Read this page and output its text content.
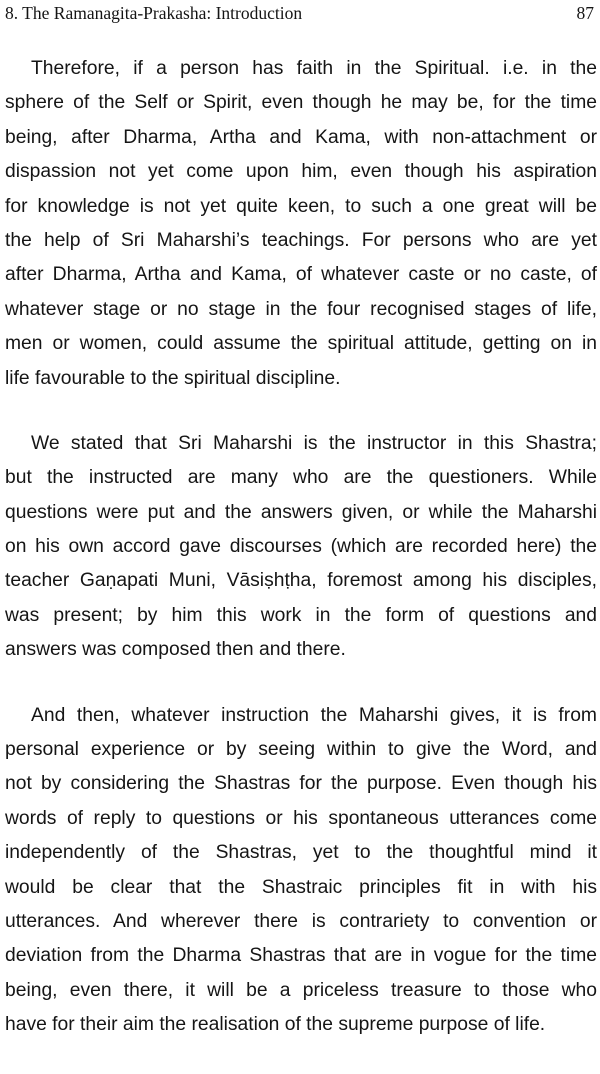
8. The Ramanagita-Prakasha: Introduction	87

Therefore, if a person has faith in the Spiritual. i.e. in the
sphere of the Self or Spirit, even though he may be, for the time
being, after Dharma, Artha and Kama, with non-attachment or
dispassion not yet come upon him, even though his aspiration
for knowledge is not yet quite keen, to such a one great will be
the help of Sri Maharshi’s teachings. For persons who are yet
after Dharma, Artha and Kama, of whatever caste or no caste, of
whatever stage or no stage in the four recognised stages of life,
men or women, could assume the spiritual attitude, getting on in
life favourable to the spiritual discipline.

We stated that Sri Maharshi is the instructor in this Shastra;
but the instructed are many who are the questioners. While
questions were put and the answers given, or while the Maharshi
on his own accord gave discourses (which are recorded here) the
teacher Gaṇapati Muni, Vāsiṣhṭha, foremost among his disciples,
was present; by him this work in the form of questions and
answers was composed then and there.

And then, whatever instruction the Maharshi gives, it is from
personal experience or by seeing within to give the Word, and
not by considering the Shastras for the purpose. Even though his
words of reply to questions or his spontaneous utterances come
independently of the Shastras, yet to the thoughtful mind it
would be clear that the Shastraic principles fit in with his
utterances. And wherever there is contrariety to convention or
deviation from the Dharma Shastras that are in vogue for the time
being, even there, it will be a priceless treasure to those who
have for their aim the realisation of the supreme purpose of life.
